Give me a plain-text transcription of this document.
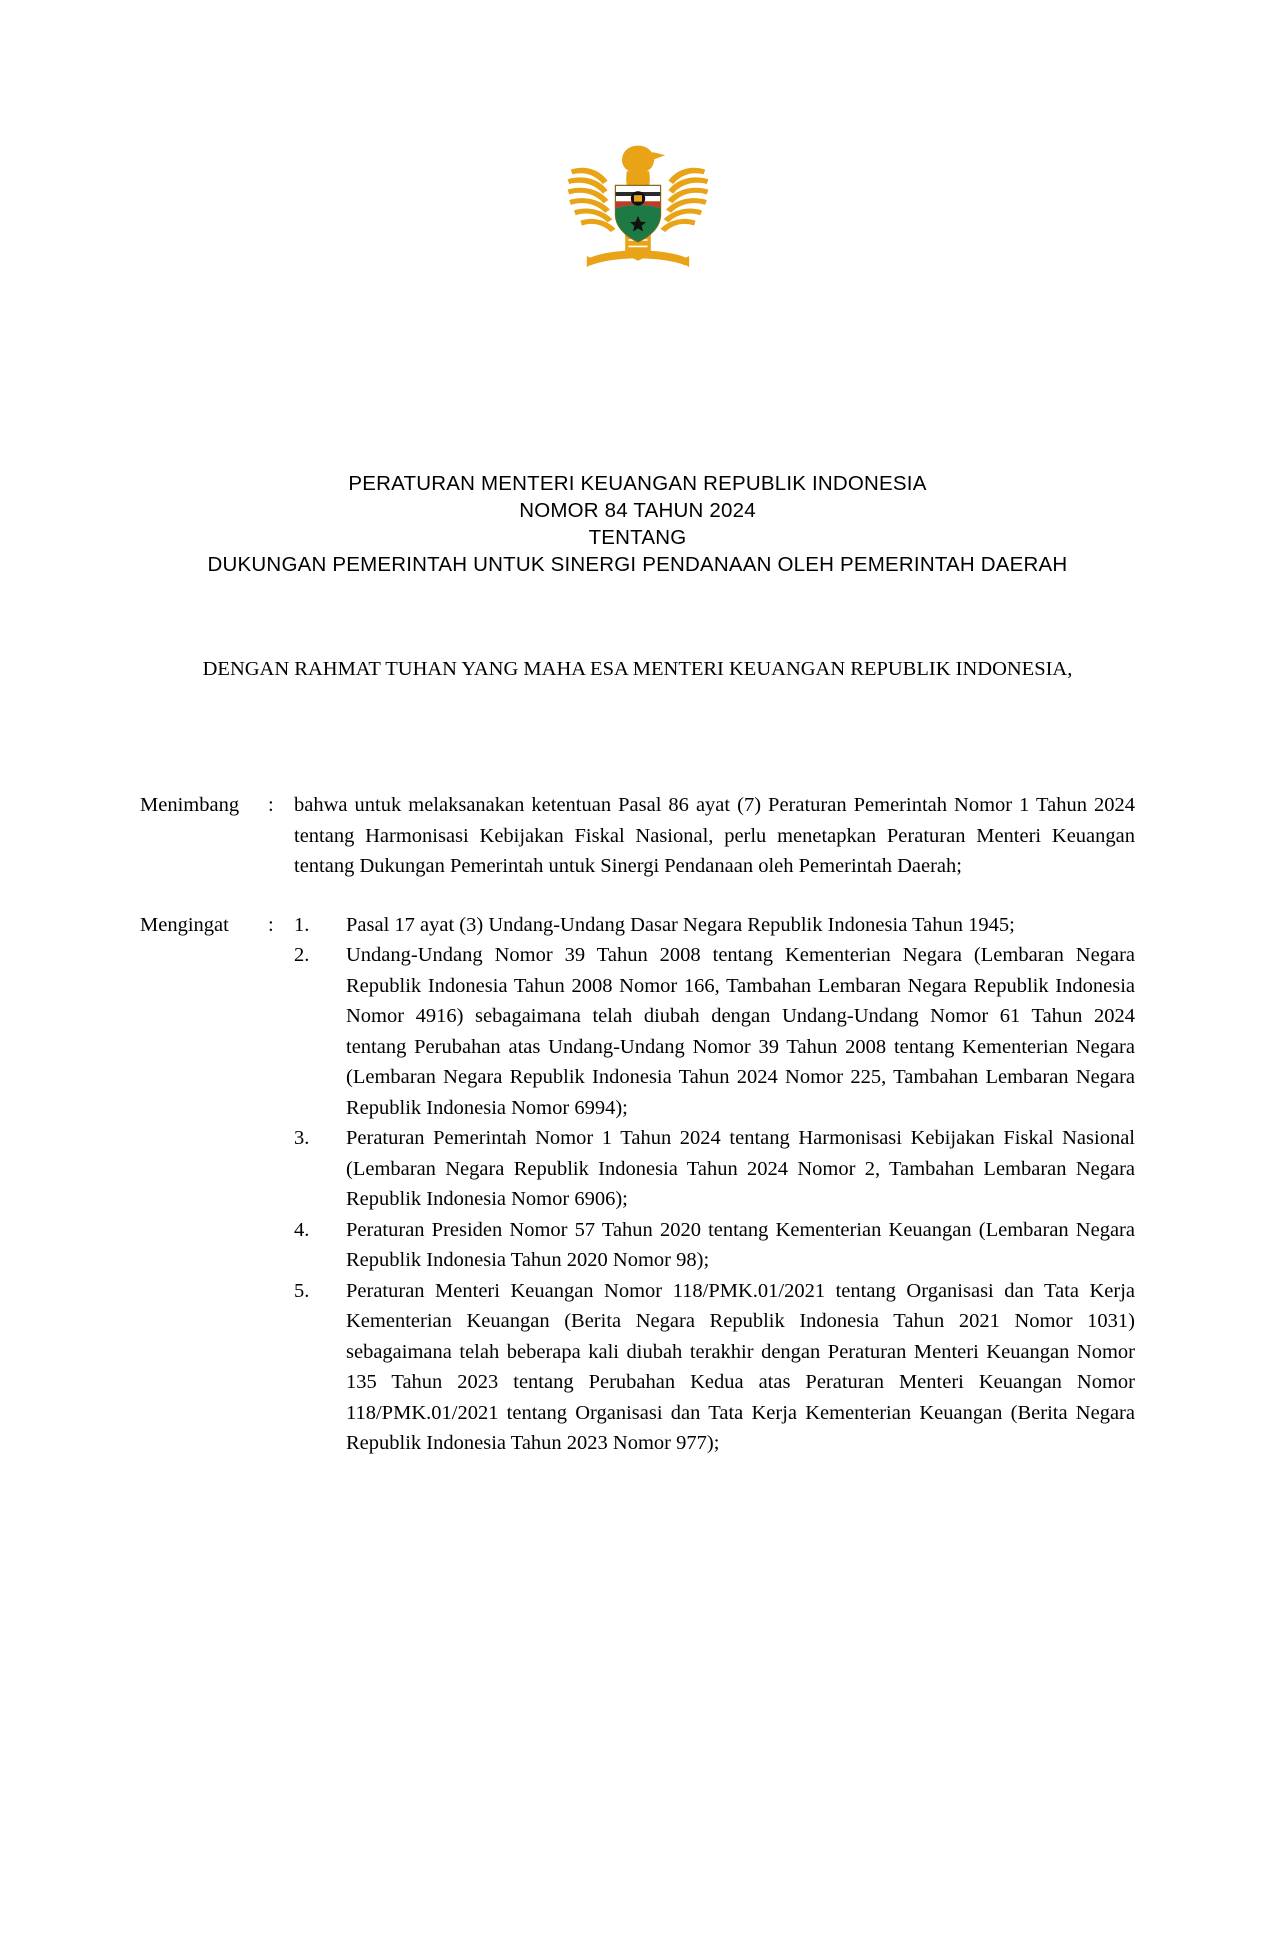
PERATURAN MENTERI KEUANGAN REPUBLIK INDONESIA
NOMOR 84 TAHUN 2024
TENTANG
DUKUNGAN PEMERINTAH UNTUK SINERGI PENDANAAN OLEH PEMERINTAH DAERAH
DENGAN RAHMAT TUHAN YANG MAHA ESA MENTERI KEUANGAN REPUBLIK INDONESIA,
Menimbang	: bahwa untuk melaksanakan ketentuan Pasal 86 ayat (7) Peraturan Pemerintah Nomor 1 Tahun 2024 tentang Harmonisasi Kebijakan Fiskal Nasional, perlu menetapkan Peraturan Menteri Keuangan tentang Dukungan Pemerintah untuk Sinergi Pendanaan oleh Pemerintah Daerah;
Mengingat	: 1.	Pasal 17 ayat (3) Undang-Undang Dasar Negara Republik Indonesia Tahun 1945;
2.	Undang-Undang Nomor 39 Tahun 2008 tentang Kementerian Negara (Lembaran Negara Republik Indonesia Tahun 2008 Nomor 166, Tambahan Lembaran Negara Republik Indonesia Nomor 4916) sebagaimana telah diubah dengan Undang-Undang Nomor 61 Tahun 2024 tentang Perubahan atas Undang-Undang Nomor 39 Tahun 2008 tentang Kementerian Negara (Lembaran Negara Republik Indonesia Tahun 2024 Nomor 225, Tambahan Lembaran Negara Republik Indonesia Nomor 6994);
3.	Peraturan Pemerintah Nomor 1 Tahun 2024 tentang Harmonisasi Kebijakan Fiskal Nasional (Lembaran Negara Republik Indonesia Tahun 2024 Nomor 2, Tambahan Lembaran Negara Republik Indonesia Nomor 6906);
4.	Peraturan Presiden Nomor 57 Tahun 2020 tentang Kementerian Keuangan (Lembaran Negara Republik Indonesia Tahun 2020 Nomor 98);
5.	Peraturan Menteri Keuangan Nomor 118/PMK.01/2021 tentang Organisasi dan Tata Kerja Kementerian Keuangan (Berita Negara Republik Indonesia Tahun 2021 Nomor 1031) sebagaimana telah beberapa kali diubah terakhir dengan Peraturan Menteri Keuangan Nomor 135 Tahun 2023 tentang Perubahan Kedua atas Peraturan Menteri Keuangan Nomor 118/PMK.01/2021 tentang Organisasi dan Tata Kerja Kementerian Keuangan (Berita Negara Republik Indonesia Tahun 2023 Nomor 977);
